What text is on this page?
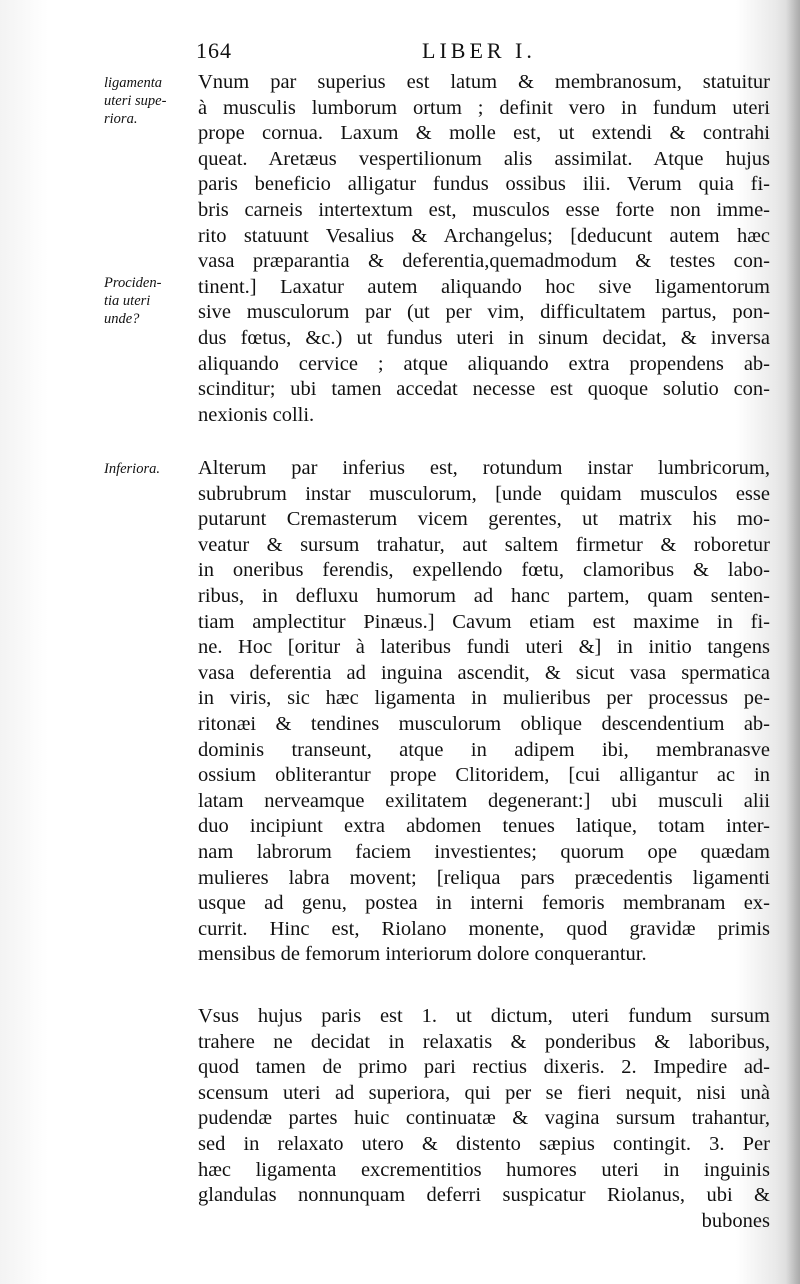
164	LIBER I.
ligamenta
uteri supe-
riora.
Prociden-
tia uteri
unde?
Inferiora.
Vnum par superius est latum & membranosum, statuitur
à musculis lumborum ortum ; definit vero in fundum uteri
prope cornua. Laxum & molle est, ut extendi & contrahi
queat. Aretæus vespertilionum alis assimilat. Atque hujus
paris beneficio alligatur fundus ossibus ilii. Verum quia fi-
bris carneis intertextum est, musculos esse forte non imme-
rito statuunt Vesalius & Archangelus; [deducunt autem hæc
vasa præparantia & deferentia,quemadmodum & testes con-
tinent.] Laxatur autem aliquando hoc sive ligamentorum
sive musculorum par (ut per vim, difficultatem partus, pon-
dus fœtus, &c.) ut fundus uteri in sinum decidat, & inversa
aliquando cervice ; atque aliquando extra propendens ab-
scinditur; ubi tamen accedat necesse est quoque solutio con-
nexionis colli.
Alterum par inferius est, rotundum instar lumbricorum,
subrubrum instar musculorum, [unde quidam musculos esse
putarunt Cremasterum vicem gerentes, ut matrix his mo-
veatur & sursum trahatur, aut saltem firmetur & roboretur
in oneribus ferendis, expellendo fœtu, clamoribus & labo-
ribus, in defluxu humorum ad hanc partem, quam senten-
tiam amplectitur Pinæus.] Cavum etiam est maxime in fi-
ne. Hoc [oritur à lateribus fundi uteri &] in initio tangens
vasa deferentia ad inguina ascendit, & sicut vasa spermatica
in viris, sic hæc ligamenta in mulieribus per processus pe-
ritonæi & tendines musculorum oblique descendentium ab-
dominis transeunt, atque in adipem ibi, membranasve
ossium obliterantur prope Clitoridem, [cui alligantur ac in
latam nerveamque exilitatem degenerant:] ubi musculi alii
duo incipiunt extra abdomen tenues latique, totam inter-
nam labrorum faciem investientes; quorum ope quædam
mulieres labra movent; [reliqua pars præcedentis ligamenti
usque ad genu, postea in interni femoris membranam ex-
currit. Hinc est, Riolano monente, quod gravidæ primis
mensibus de femorum interiorum dolore conquerantur.
Vsus hujus paris est 1. ut dictum, uteri fundum sursum
trahere ne decidat in relaxatis & ponderibus & laboribus,
quod tamen de primo pari rectius dixeris. 2. Impedire ad-
scensum uteri ad superiora, qui per se fieri nequit, nisi unà
pudendæ partes huic continuatæ & vagina sursum trahantur,
sed in relaxato utero & distento sæpius contingit. 3. Per
hæc ligamenta excrementitios humores uteri in inguinis
glandulas nonnunquam deferri suspicatur Riolanus, ubi &
bubones
